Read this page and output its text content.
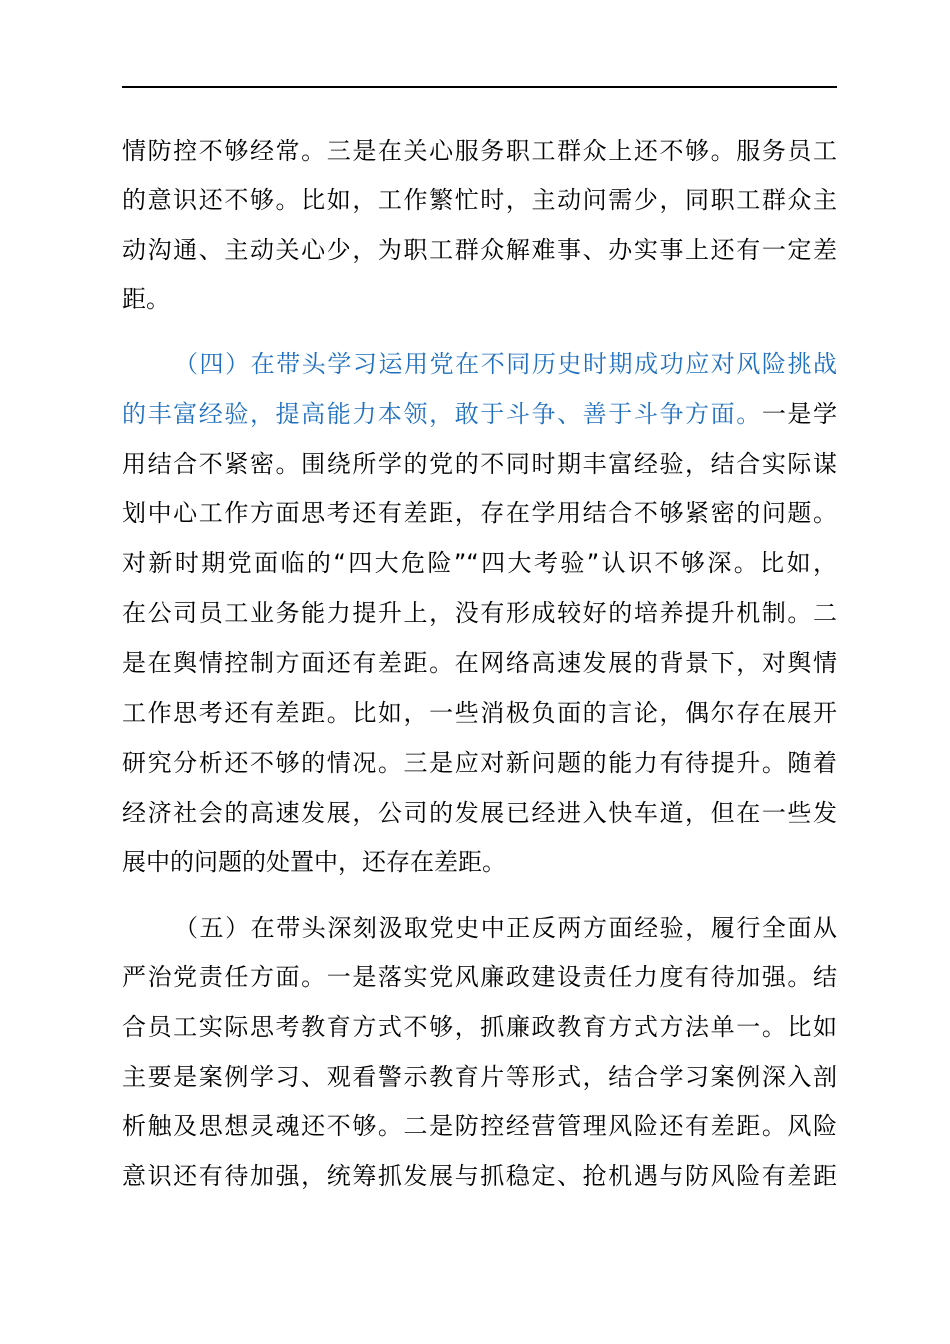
情防控不够经常。三是在关心服务职工群众上还不够。服务员工
的意识还不够。比如，工作繁忙时，主动问需少，同职工群众主
动沟通、主动关心少，为职工群众解难事、办实事上还有一定差
距。
（四）在带头学习运用党在不同历史时期成功应对风险挑战
的丰富经验，提高能力本领，敢于斗争、善于斗争方面。一是学
用结合不紧密。围绕所学的党的不同时期丰富经验，结合实际谋
划中心工作方面思考还有差距，存在学用结合不够紧密的问题。
对新时期党面临的“四大危险”“四大考验”认识不够深。比如，
在公司员工业务能力提升上，没有形成较好的培养提升机制。二
是在舆情控制方面还有差距。在网络高速发展的背景下，对舆情
工作思考还有差距。比如，一些消极负面的言论，偶尔存在展开
研究分析还不够的情况。三是应对新问题的能力有待提升。随着
经济社会的高速发展，公司的发展已经进入快车道，但在一些发
展中的问题的处置中，还存在差距。
（五）在带头深刻汲取党史中正反两方面经验，履行全面从
严治党责任方面。一是落实党风廉政建设责任力度有待加强。结
合员工实际思考教育方式不够，抓廉政教育方式方法单一。比如
主要是案例学习、观看警示教育片等形式，结合学习案例深入剖
析触及思想灵魂还不够。二是防控经营管理风险还有差距。风险
意识还有待加强，统筹抓发展与抓稳定、抢机遇与防风险有差距
